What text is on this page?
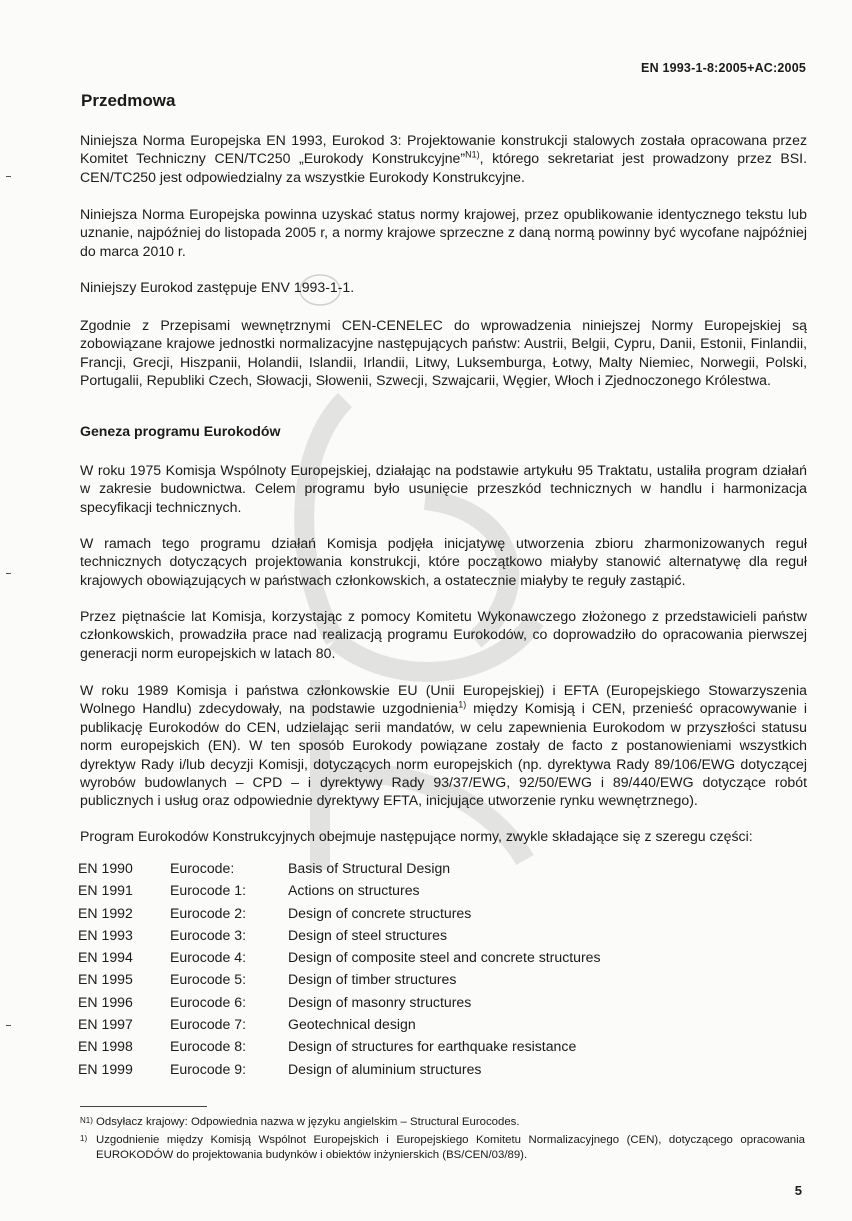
EN 1993-1-8:2005+AC:2005
Przedmowa

Niniejsza Norma Europejska EN 1993, Eurokod 3: Projektowanie konstrukcji stalowych została opracowana przez Komitet Techniczny CEN/TC250 „Eurokody Konstrukcyjne”$^{N1)}$, którego sekretariat jest prowadzony przez BSI. CEN/TC250 jest odpowiedzialny za wszystkie Eurokody Konstrukcyjne.

Niniejsza Norma Europejska powinna uzyskać status normy krajowej, przez opublikowanie identycznego tekstu lub uznanie, najpóźniej do listopada 2005 r, a normy krajowe sprzeczne z daną normą powinny być wycofane najpóźniej do marca 2010 r.

Niniejszy Eurokod zastępuje ENV 1993-1-1.

Zgodnie z Przepisami wewnętrznymi CEN-CENELEC do wprowadzenia niniejszej Normy Europejskiej są zobowiązane krajowe jednostki normalizacyjne następujących państw: Austrii, Belgii, Cypru, Danii, Estonii, Finlandii, Francji, Grecji, Hiszpanii, Holandii, Islandii, Irlandii, Litwy, Luksemburga, Łotwy, Malty Niemiec, Norwegii, Polski, Portugalii, Republiki Czech, Słowacji, Słowenii, Szwecji, Szwajcarii, Węgier, Włoch i Zjednoczonego Królestwa.

Geneza programu Eurokodów

W roku 1975 Komisja Wspólnoty Europejskiej, działając na podstawie artykułu 95 Traktatu, ustaliła program działań w zakresie budownictwa. Celem programu było usunięcie przeszkód technicznych w handlu i harmonizacja specyfikacji technicznych.

W ramach tego programu działań Komisja podjęła inicjatywę utworzenia zbioru zharmonizowanych reguł technicznych dotyczących projektowania konstrukcji, które początkowo miałyby stanowić alternatywę dla reguł krajowych obowiązujących w państwach członkowskich, a ostatecznie miałyby te reguły zastąpić.

Przez piętnaście lat Komisja, korzystając z pomocy Komitetu Wykonawczego złożonego z przedstawicieli państw członkowskich, prowadziła prace nad realizacją programu Eurokodów, co doprowadziło do opracowania pierwszej generacji norm europejskich w latach 80.

W roku 1989 Komisja i państwa członkowskie EU (Unii Europejskiej) i EFTA (Europejskiego Stowarzyszenia Wolnego Handlu) zdecydowały, na podstawie uzgodnienia$^{1)}$ między Komisją i CEN, przenieść opracowywanie i publikację Eurokodów do CEN, udzielając serii mandatów, w celu zapewnienia Eurokodom w przyszłości statusu norm europejskich (EN). W ten sposób Eurokody powiązane zostały de facto z postanowieniami wszystkich dyrektyw Rady i/lub decyzji Komisji, dotyczących norm europejskich (np. dyrektywa Rady 89/106/EWG dotyczącej wyrobów budowlanych – CPD – i dyrektywy Rady 93/37/EWG, 92/50/EWG i 89/440/EWG dotyczące robót publicznych i usług oraz odpowiednie dyrektywy EFTA, inicjujące utworzenie rynku wewnętrznego).

Program Eurokodów Konstrukcyjnych obejmuje następujące normy, zwykle składające się z szeregu części:

EN 1990	Eurocode:	Basis of Structural Design
EN 1991	Eurocode 1:	Actions on structures
EN 1992	Eurocode 2:	Design of concrete structures
EN 1993	Eurocode 3:	Design of steel structures
EN 1994	Eurocode 4:	Design of composite steel and concrete structures
EN 1995	Eurocode 5:	Design of timber structures
EN 1996	Eurocode 6:	Design of masonry structures
EN 1997	Eurocode 7:	Geotechnical design
EN 1998	Eurocode 8:	Design of structures for earthquake resistance
EN 1999	Eurocode 9:	Design of aluminium structures
N1) Odsyłacz krajowy: Odpowiednia nazwa w języku angielskim – Structural Eurocodes.
1) Uzgodnienie między Komisją Wspólnot Europejskich i Europejskiego Komitetu Normalizacyjnego (CEN), dotyczącego opracowania EUROKODÓW do projektowania budynków i obiektów inżynierskich (BS/CEN/03/89).
5
